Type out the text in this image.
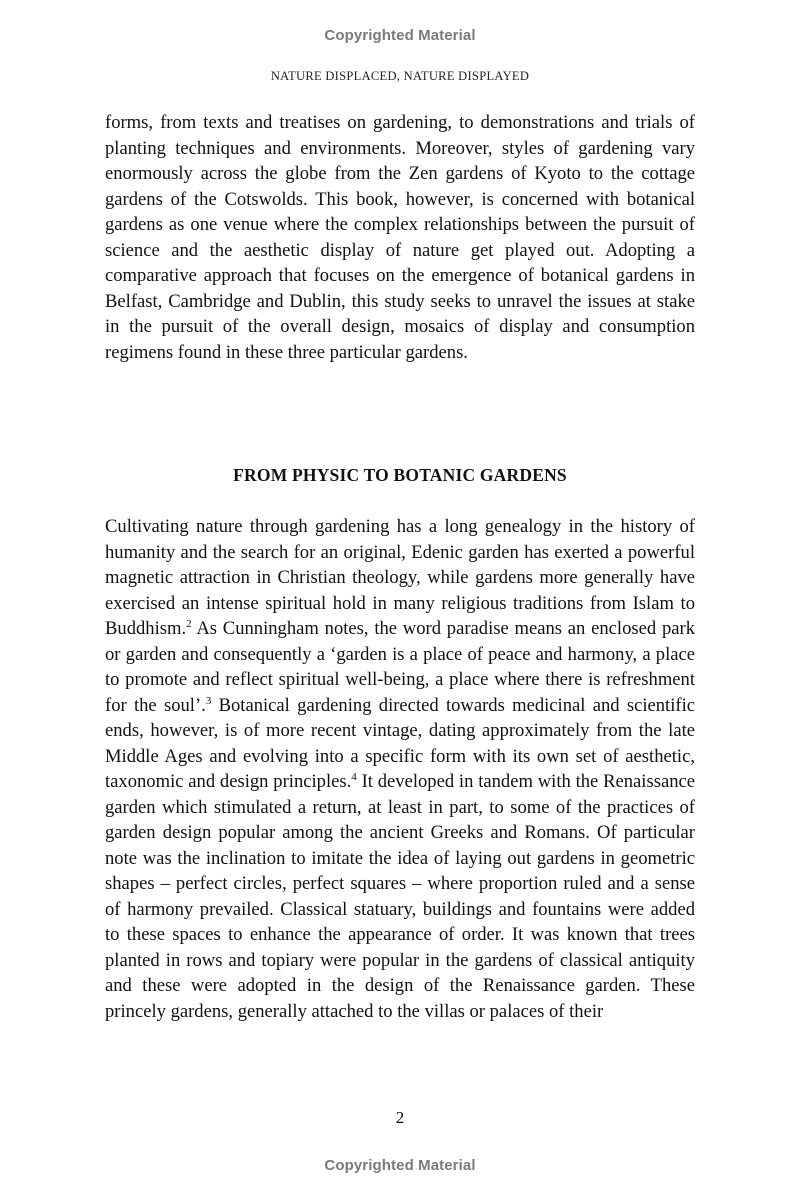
Copyrighted Material
NATURE DISPLACED, NATURE DISPLAYED

forms, from texts and treatises on gardening, to demonstrations and trials of planting techniques and environments. Moreover, styles of gardening vary enormously across the globe from the Zen gardens of Kyoto to the cottage gardens of the Cotswolds. This book, however, is concerned with botanical gardens as one venue where the complex relationships between the pursuit of science and the aesthetic display of nature get played out. Adopting a comparative approach that focuses on the emergence of botanical gardens in Belfast, Cambridge and Dublin, this study seeks to unravel the issues at stake in the pursuit of the overall design, mosaics of display and consumption regimens found in these three particular gardens.

FROM PHYSIC TO BOTANIC GARDENS

Cultivating nature through gardening has a long genealogy in the history of humanity and the search for an original, Edenic garden has exerted a powerful magnetic attraction in Christian theology, while gardens more generally have exercised an intense spiritual hold in many religious traditions from Islam to Buddhism.$^2$ As Cunningham notes, the word paradise means an enclosed park or garden and consequently a ‘garden is a place of peace and harmony, a place to promote and reflect spiritual well-being, a place where there is refreshment for the soul’.$^3$ Botanical gardening directed towards medicinal and scientific ends, however, is of more recent vintage, dating approximately from the late Middle Ages and evolving into a specific form with its own set of aesthetic, taxonomic and design principles.$^4$ It developed in tandem with the Renaissance garden which stimulated a return, at least in part, to some of the practices of garden design popular among the ancient Greeks and Romans. Of particular note was the inclination to imitate the idea of laying out gardens in geometric shapes – perfect circles, perfect squares – where proportion ruled and a sense of harmony prevailed. Classical statuary, buildings and fountains were added to these spaces to enhance the appearance of order. It was known that trees planted in rows and topiary were popular in the gardens of classical antiquity and these were adopted in the design of the Renaissance garden. These princely gardens, generally attached to the villas or palaces of their

2
Copyrighted Material
